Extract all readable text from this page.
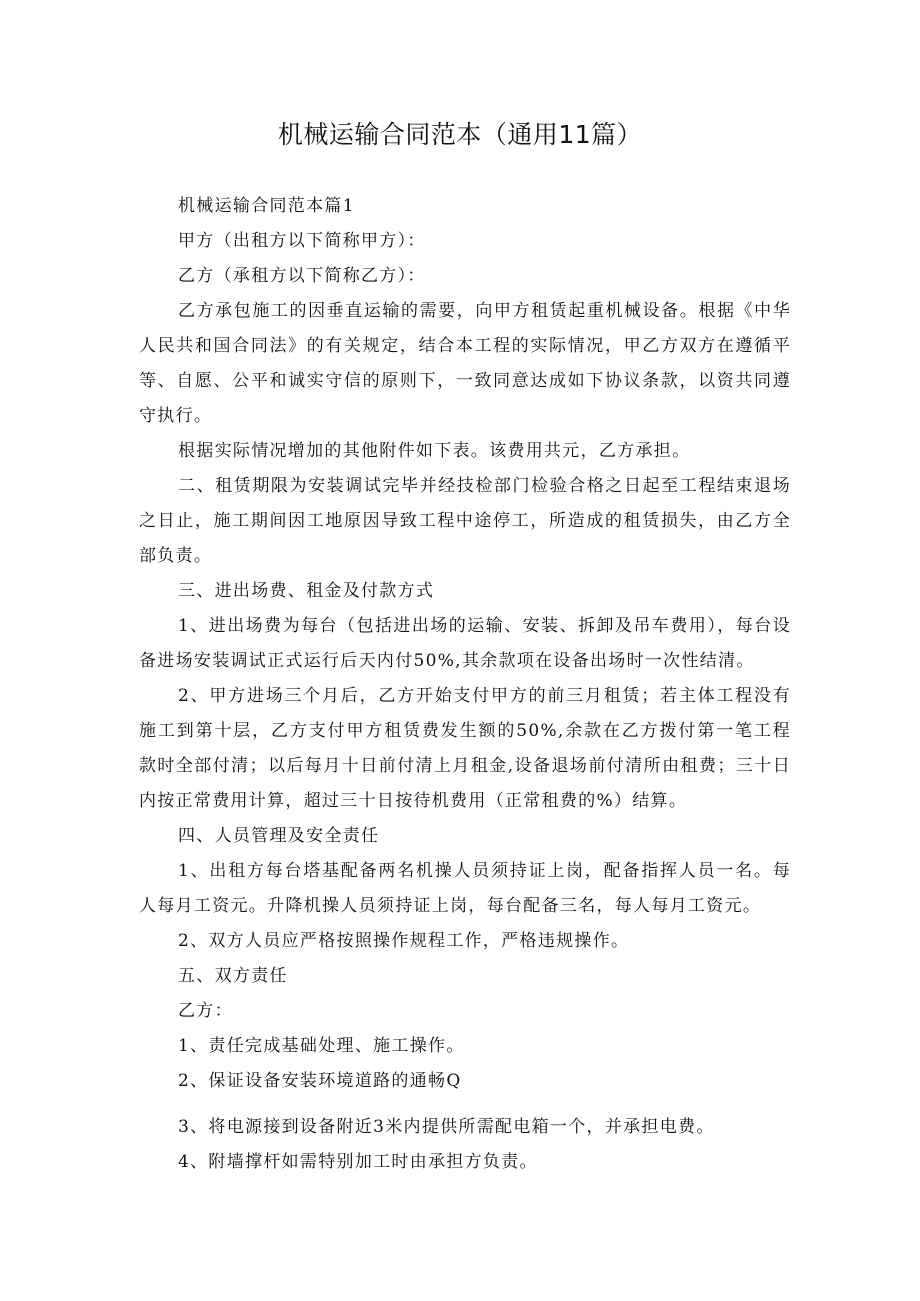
机械运输合同范本（通用11篇）

机械运输合同范本篇1

甲方（出租方以下简称甲方）：

乙方（承租方以下简称乙方）：

乙方承包施工的因垂直运输的需要，向甲方租赁起重机械设备。根据《中华人民共和国合同法》的有关规定，结合本工程的实际情况，甲乙方双方在遵循平等、自愿、公平和诚实守信的原则下，一致同意达成如下协议条款，以资共同遵守执行。

根据实际情况增加的其他附件如下表。该费用共元，乙方承担。

二、租赁期限为安装调试完毕并经技检部门检验合格之日起至工程结束退场之日止，施工期间因工地原因导致工程中途停工，所造成的租赁损失，由乙方全部负责。

三、进出场费、租金及付款方式

1、进出场费为每台（包括进出场的运输、安装、拆卸及吊车费用），每台设备进场安装调试正式运行后天内付50%,其余款项在设备出场时一次性结清。

2、甲方进场三个月后，乙方开始支付甲方的前三月租赁；若主体工程没有施工到第十层，乙方支付甲方租赁费发生额的50%,余款在乙方拨付第一笔工程款时全部付清；以后每月十日前付清上月租金,设备退场前付清所由租费；三十日内按正常费用计算，超过三十日按待机费用（正常租费的%）结算。

四、人员管理及安全责任

1、出租方每台塔基配备两名机操人员须持证上岗，配备指挥人员一名。每人每月工资元。升降机操人员须持证上岗，每台配备三名，每人每月工资元。

2、双方人员应严格按照操作规程工作，严格违规操作。

五、双方责任

乙方：

1、责任完成基础处理、施工操作。

2、保证设备安装环境道路的通畅Q

3、将电源接到设备附近3米内提供所需配电箱一个，并承担电费。

4、附墙撑杆如需特别加工时由承担方负责。
